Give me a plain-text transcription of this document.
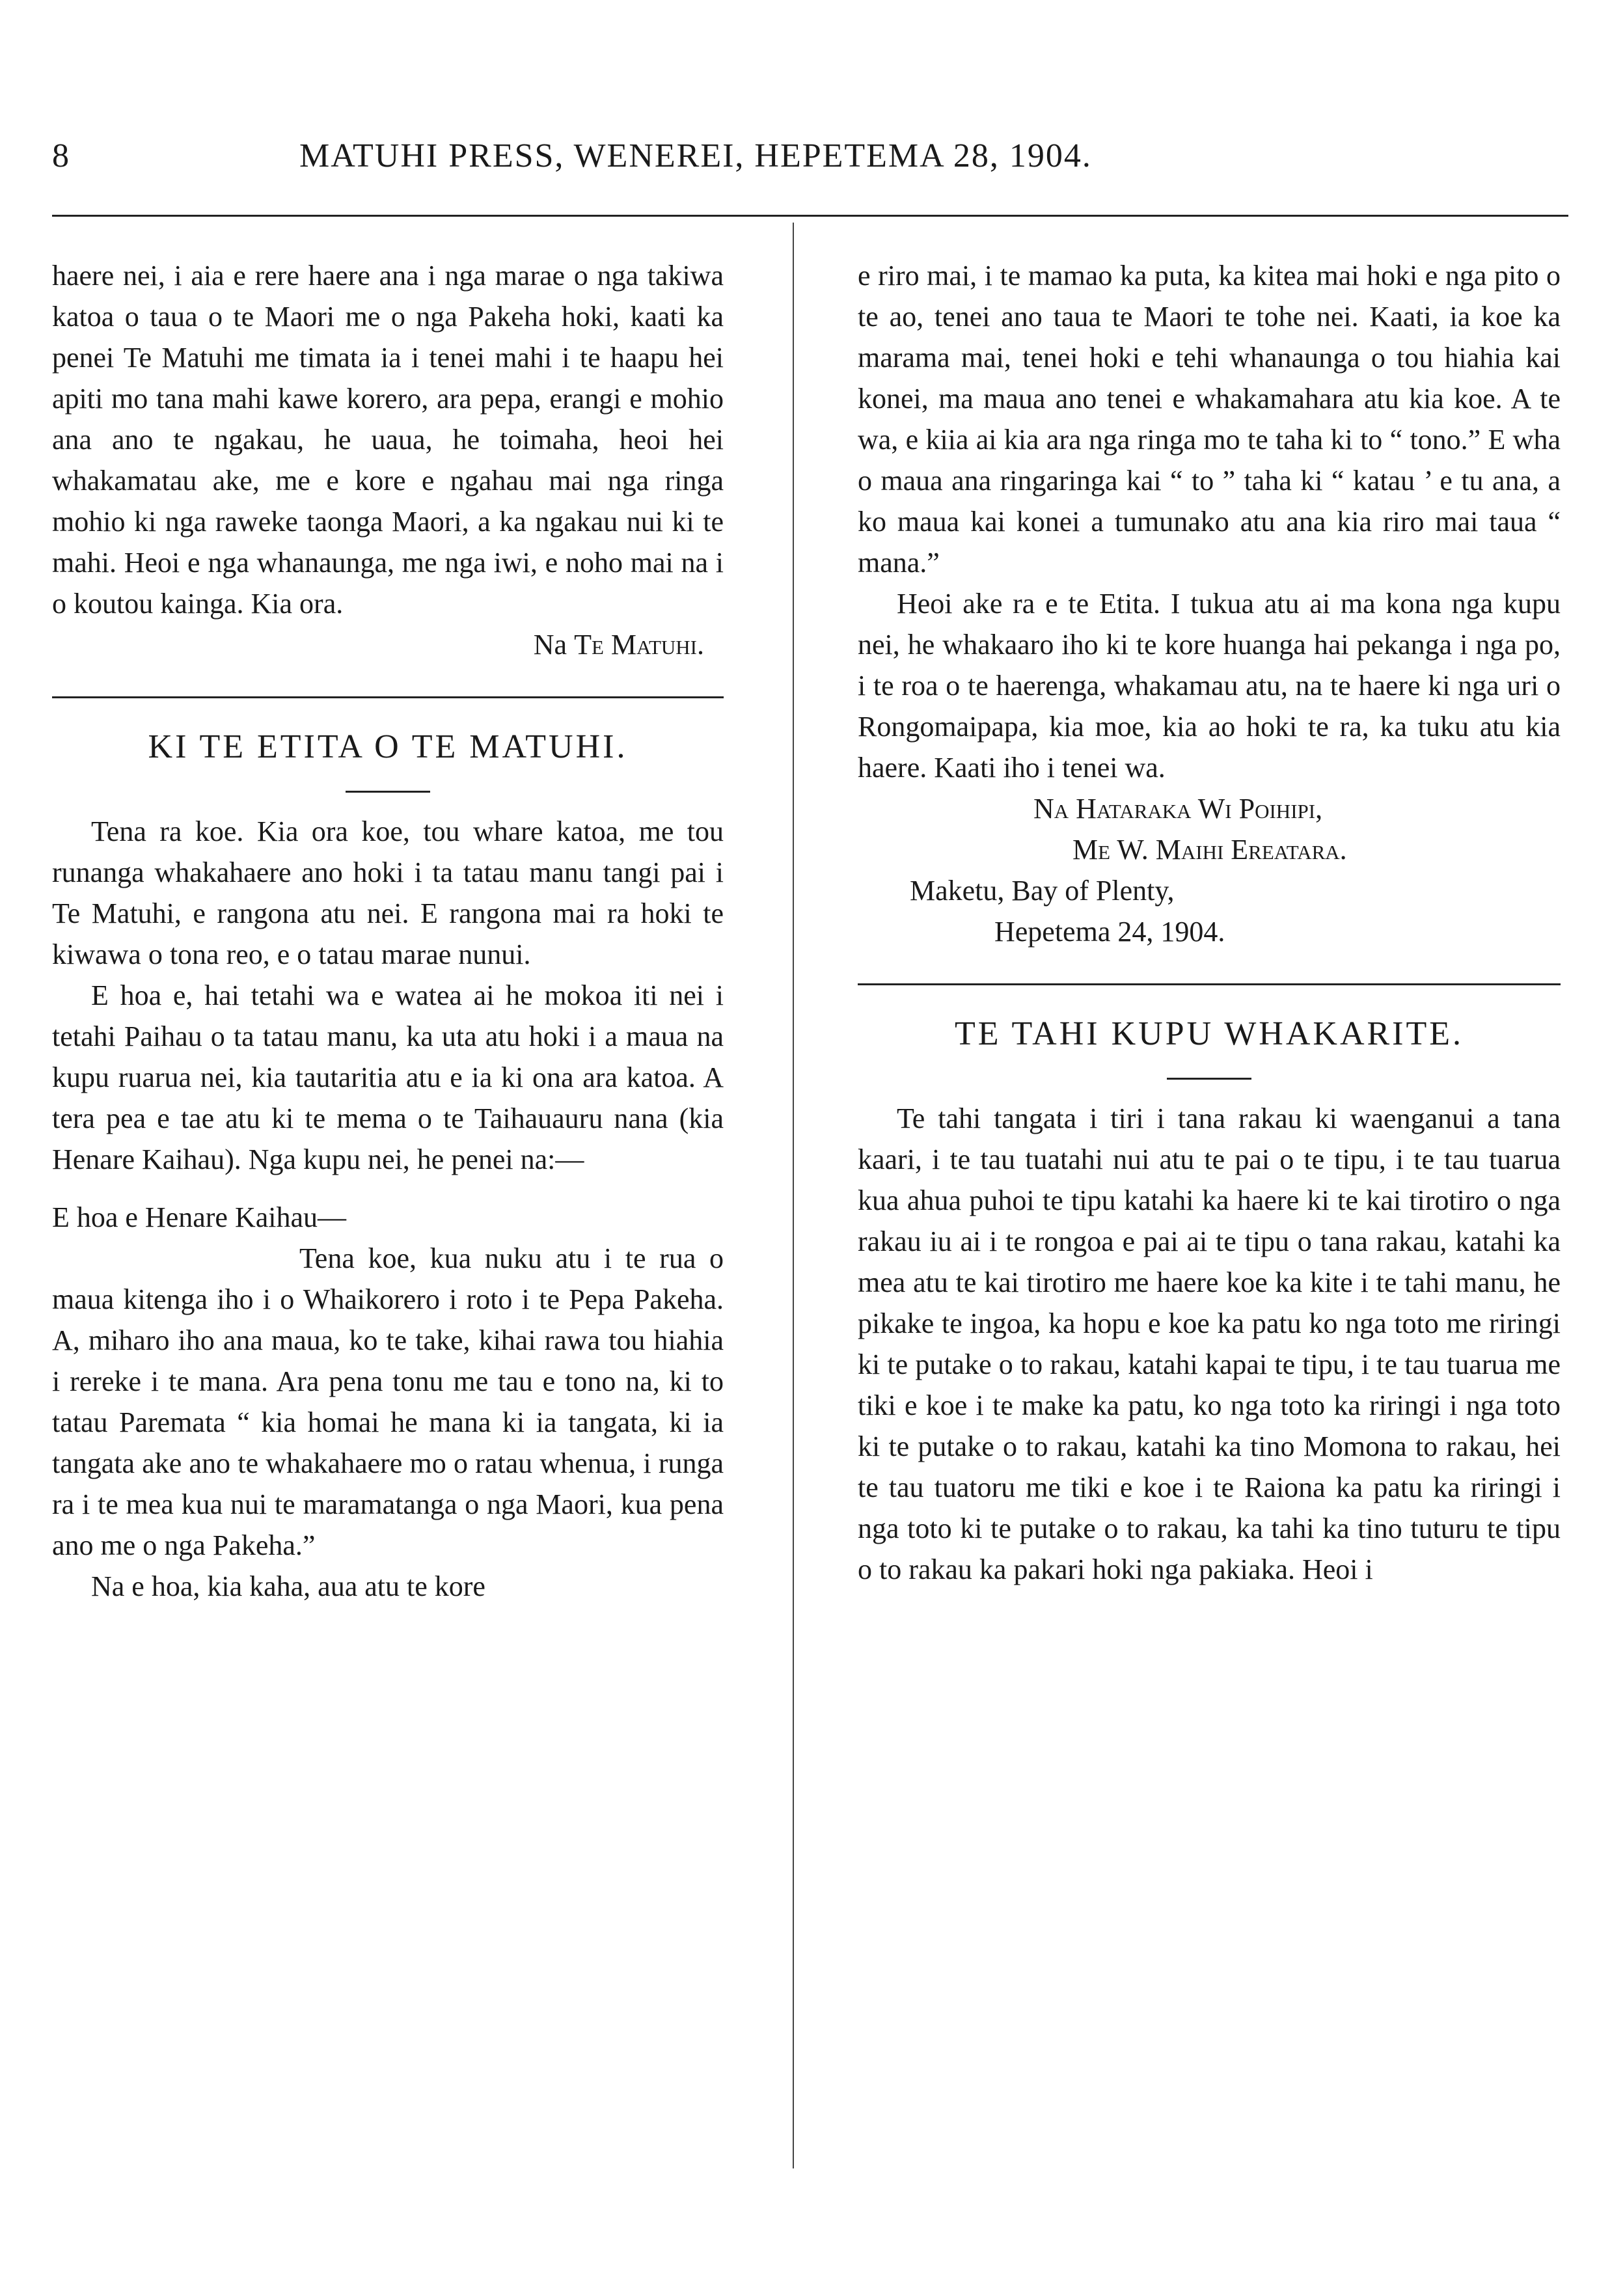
8	MATUHI PRESS, WENEREI, HEPETEMA 28, 1904.

haere nei, i aia e rere haere ana i nga marae o nga takiwa katoa o taua o te Maori me o nga Pakeha hoki, kaati ka penei Te Matuhi me timata ia i tenei mahi i te haapu hei apiti mo tana mahi kawe korero, ara pepa, erangi e mohio ana ano te ngakau, he uaua, he toimaha, heoi hei whakamatau ake, me e kore e ngahau mai nga ringa mohio ki nga raweke taonga Maori, a ka ngakau nui ki te mahi. Heoi e nga whanaunga, me nga iwi, e noho mai na i o koutou kainga. Kia ora.

Na Te Matuhi.

KI TE ETITA O TE MATUHI.

Tena ra koe. Kia ora koe, tou whare katoa, me tou runanga whakahaere ano hoki i ta tatau manu tangi pai i Te Matuhi, e rangona atu nei. E rangona mai ra hoki te kiwawa o tona reo, e o tatau marae nunui.

E hoa e, hai tetahi wa e watea ai he mokoa iti nei i tetahi Paihau o ta tatau manu, ka uta atu hoki i a maua na kupu ruarua nei, kia tautaritia atu e ia ki ona ara katoa. A tera pea e tae atu ki te mema o te Taihauauru nana (kia Henare Kaihau). Nga kupu nei, he penei na:—

E hoa e Henare Kaihau—

Tena koe, kua nuku atu i te rua o maua kitenga iho i o Whaikorero i roto i te Pepa Pakeha. A, miharo iho ana maua, ko te take, kihai rawa tou hiahia i rereke i te mana. Ara pena tonu me tau e tono na, ki to tatau Paremata “ kia homai he mana ki ia tangata, ki ia tangata ake ano te whakahaere mo o ratau whenua, i runga ra i te mea kua nui te maramatanga o nga Maori, kua pena ano me o nga Pakeha.”

Na e hoa, kia kaha, aua atu te kore

e riro mai, i te mamao ka puta, ka kitea mai hoki e nga pito o te ao, tenei ano taua te Maori te tohe nei. Kaati, ia koe ka marama mai, tenei hoki e tehi whanaunga o tou hiahia kai konei, ma maua ano tenei e whakamahara atu kia koe. A te wa, e kiia ai kia ara nga ringa mo te taha ki to “ tono.” E wha o maua ana ringaringa kai “ to ” taha ki “ katau ’ e tu ana, a ko maua kai konei a tumunako atu ana kia riro mai taua “ mana.”

Heoi ake ra e te Etita. I tukua atu ai ma kona nga kupu nei, he whakaaro iho ki te kore huanga hai pekanga i nga po, i te roa o te haerenga, whakamau atu, na te haere ki nga uri o Rongomaipapa, kia moe, kia ao hoki te ra, ka tuku atu kia haere. Kaati iho i tenei wa.

Na Hataraka Wi Poihipi,

Me W. Maihi Ereatara.

Maketu, Bay of Plenty,

Hepetema 24, 1904.

TE TAHI KUPU WHAKARITE.

Te tahi tangata i tiri i tana rakau ki waenganui a tana kaari, i te tau tuatahi nui atu te pai o te tipu, i te tau tuarua kua ahua puhoi te tipu katahi ka haere ki te kai tirotiro o nga rakau iu ai i te rongoa e pai ai te tipu o tana rakau, katahi ka mea atu te kai tirotiro me haere koe ka kite i te tahi manu, he pikake te ingoa, ka hopu e koe ka patu ko nga toto me riringi ki te putake o to rakau, katahi kapai te tipu, i te tau tuarua me tiki e koe i te make ka patu, ko nga toto ka riringi i nga toto ki te putake o to rakau, katahi ka tino Momona to rakau, hei te tau tuatoru me tiki e koe i te Raiona ka patu ka riringi i nga toto ki te putake o to rakau, ka tahi ka tino tuturu te tipu o to rakau ka pakari hoki nga pakiaka. Heoi i
